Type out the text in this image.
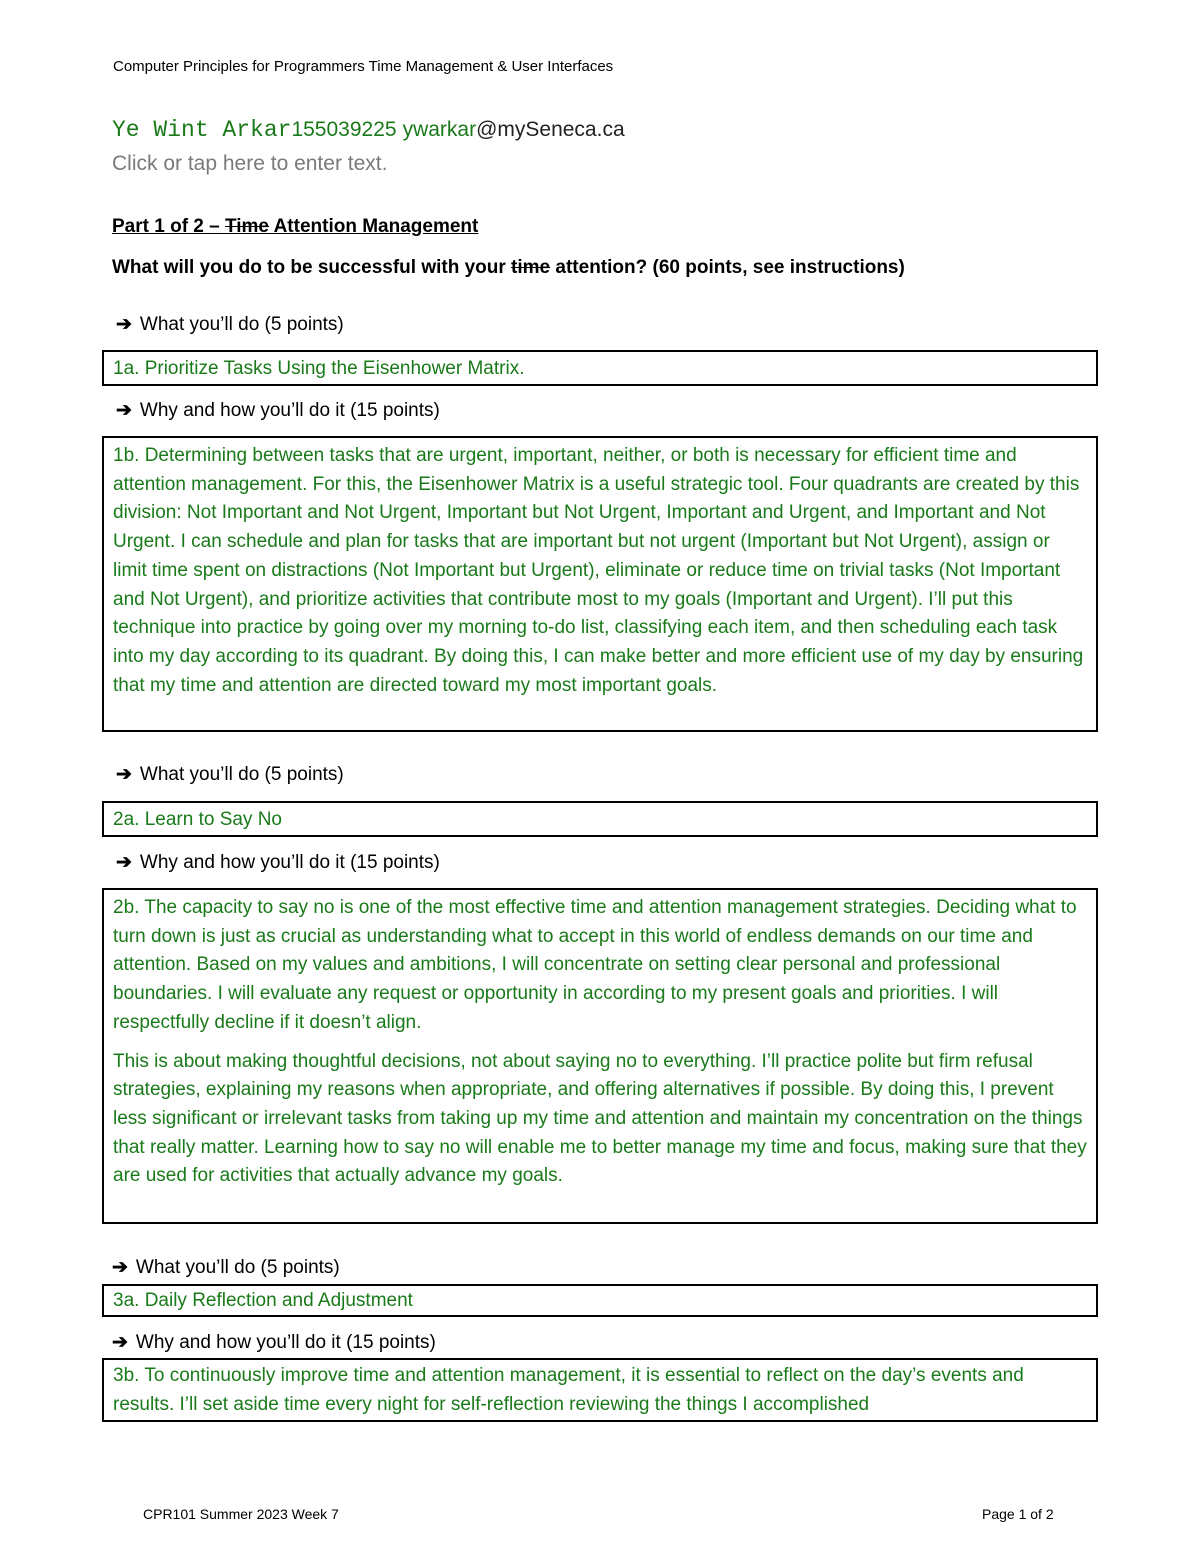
Computer Principles for Programmers Time Management & User Interfaces
Ye Wint Arkar155039225 ywarkar@mySeneca.ca
Click or tap here to enter text.
Part 1 of 2 – Time Attention Management
What will you do to be successful with your time attention? (60 points, see instructions)
➔ What you’ll do (5 points)

1a. Prioritize Tasks Using the Eisenhower Matrix.

➔ Why and how you’ll do it (15 points)

1b. Determining between tasks that are urgent, important, neither, or both is necessary for efficient time and attention management. For this, the Eisenhower Matrix is a useful strategic tool. Four quadrants are created by this division: Not Important and Not Urgent, Important but Not Urgent, Important and Urgent, and Important and Not Urgent. I can schedule and plan for tasks that are important but not urgent (Important but Not Urgent), assign or limit time spent on distractions (Not Important but Urgent), eliminate or reduce time on trivial tasks (Not Important and Not Urgent), and prioritize activities that contribute most to my goals (Important and Urgent). I’ll put this technique into practice by going over my morning to-do list, classifying each item, and then scheduling each task into my day according to its quadrant. By doing this, I can make better and more efficient use of my day by ensuring that my time and attention are directed toward my most important goals.

➔ What you’ll do (5 points)

2a. Learn to Say No

➔ Why and how you’ll do it (15 points)

2b. The capacity to say no is one of the most effective time and attention management strategies. Deciding what to turn down is just as crucial as understanding what to accept in this world of endless demands on our time and attention. Based on my values and ambitions, I will concentrate on setting clear personal and professional boundaries. I will evaluate any request or opportunity in according to my present goals and priorities. I will respectfully decline if it doesn’t align.

This is about making thoughtful decisions, not about saying no to everything. I’ll practice polite but firm refusal strategies, explaining my reasons when appropriate, and offering alternatives if possible. By doing this, I prevent less significant or irrelevant tasks from taking up my time and attention and maintain my concentration on the things that really matter. Learning how to say no will enable me to better manage my time and focus, making sure that they are used for activities that actually advance my goals.

➔ What you’ll do (5 points)

3a. Daily Reflection and Adjustment

➔ Why and how you’ll do it (15 points)

3b. To continuously improve time and attention management, it is essential to reflect on the day’s events and results. I’ll set aside time every night for self-reflection reviewing the things I accomplished

CPR101 Summer 2023 Week 7	Page 1 of 2
